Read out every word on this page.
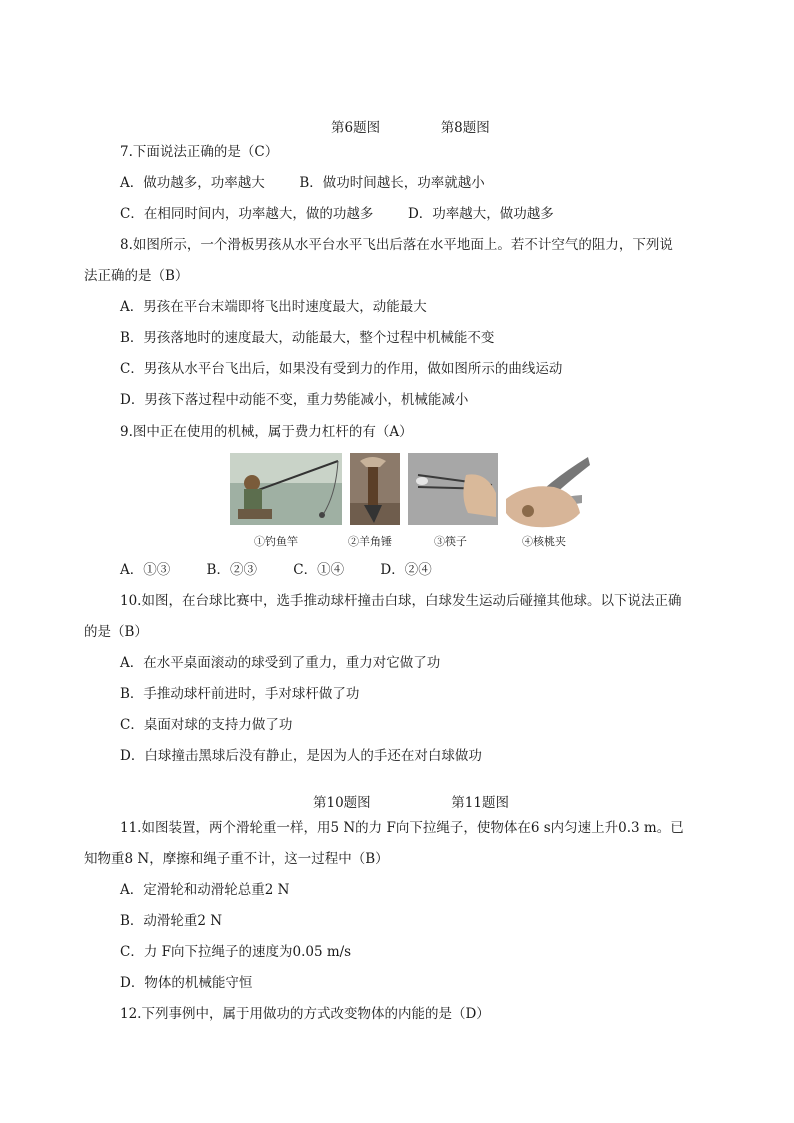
第6题图	第8题图
7.下面说法正确的是（C）
A．做功越多，功率越大	B．做功时间越长，功率就越小
C．在相同时间内，功率越大，做的功越多	D．功率越大，做功越多
8.如图所示，一个滑板男孩从水平台水平飞出后落在水平地面上。若不计空气的阻力，下列说
法正确的是（B）
A．男孩在平台末端即将飞出时速度最大，动能最大
B．男孩落地时的速度最大，动能最大，整个过程中机械能不变
C．男孩从水平台飞出后，如果没有受到力的作用，做如图所示的曲线运动
D．男孩下落过程中动能不变，重力势能减小，机械能减小
9.图中正在使用的机械，属于费力杠杆的有（A）
①钓鱼竿	②羊角锤	③筷子	④核桃夹
A．①③	B．②③	C．①④	D．②④
10.如图，在台球比赛中，选手推动球杆撞击白球，白球发生运动后碰撞其他球。以下说法正确
的是（B）
A．在水平桌面滚动的球受到了重力，重力对它做了功
B．手推动球杆前进时，手对球杆做了功
C．桌面对球的支持力做了功
D．白球撞击黑球后没有静止，是因为人的手还在对白球做功
第10题图	第11题图
11.如图装置，两个滑轮重一样，用5 N的力 F向下拉绳子，使物体在6 s内匀速上升0.3 m。已
知物重8 N，摩擦和绳子重不计，这一过程中（B）
A．定滑轮和动滑轮总重2 N
B．动滑轮重2 N
C．力 F向下拉绳子的速度为0.05 m/s
D．物体的机械能守恒
12.下列事例中，属于用做功的方式改变物体的内能的是（D）
